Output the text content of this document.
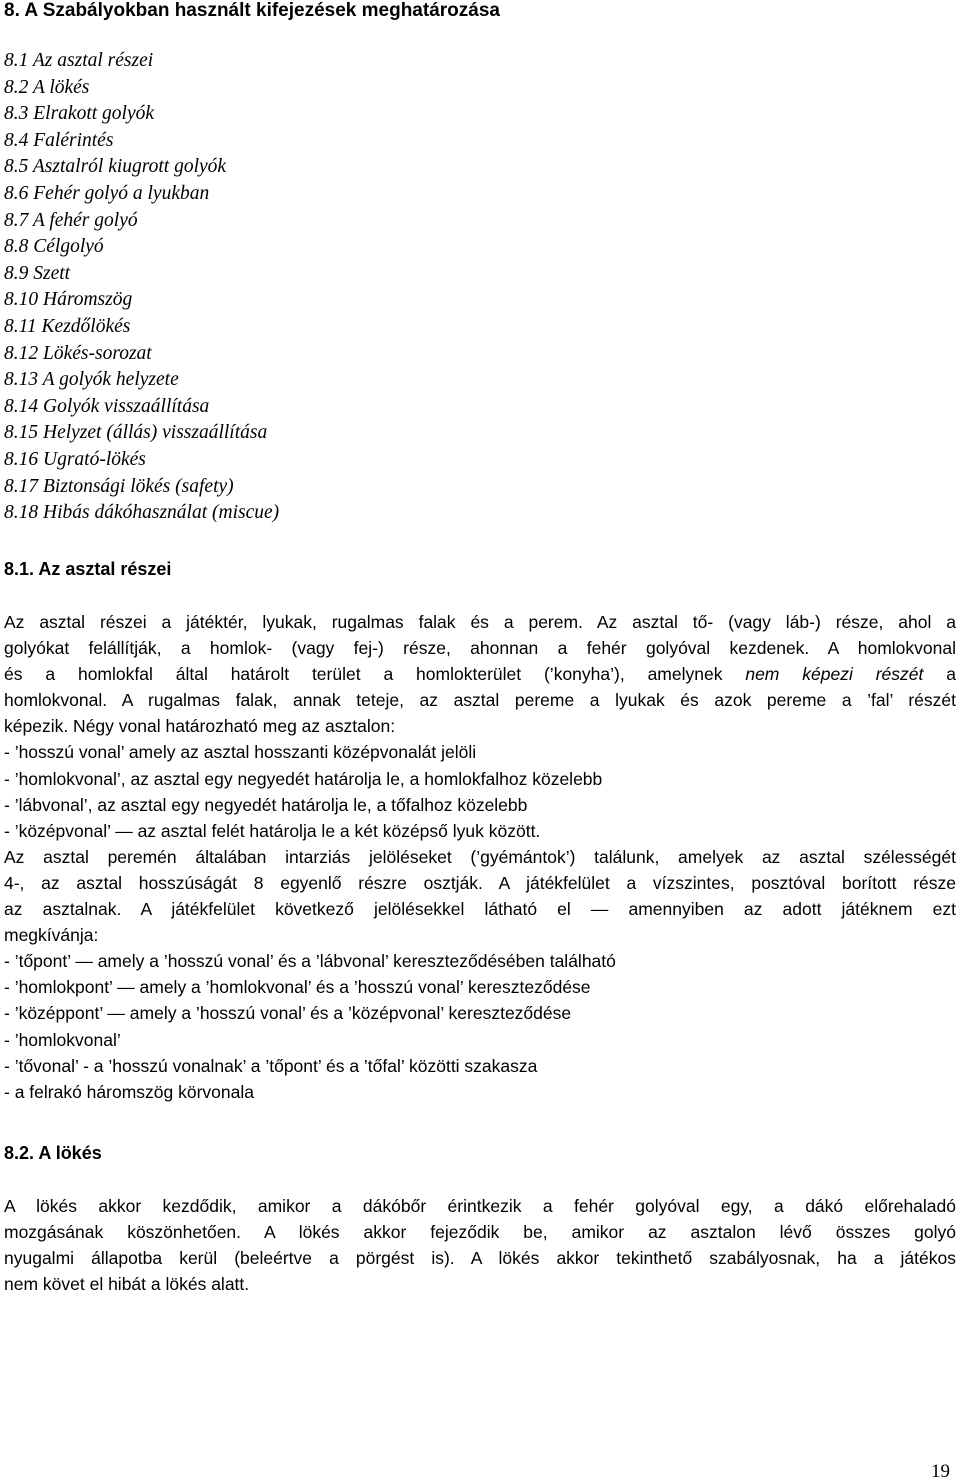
8. A Szabályokban használt kifejezések meghatározása
8.1 Az asztal részei
8.2 A lökés
8.3 Elrakott golyók
8.4 Falérintés
8.5 Asztalról kiugrott golyók
8.6 Fehér golyó a lyukban
8.7 A fehér golyó
8.8 Célgolyó
8.9 Szett
8.10 Háromszög
8.11 Kezdőlökés
8.12 Lökés-sorozat
8.13 A golyók helyzete
8.14 Golyók visszaállítása
8.15 Helyzet (állás) visszaállítása
8.16 Ugrató-lökés
8.17 Biztonsági lökés (safety)
8.18 Hibás dákóhasználat (miscue)
8.1. Az asztal részei
Az asztal részei a játéktér, lyukak, rugalmas falak és a perem. Az asztal tő- (vagy láb-) része, ahol a
golyókat felállítják, a homlok- (vagy fej-) része, ahonnan a fehér golyóval kezdenek. A homlokvonal
és a homlokfal által határolt terület a homlokterület (’konyha’), amelynek nem képezi részét a
homlokvonal. A rugalmas falak, annak teteje, az asztal pereme a lyukak és azok pereme a ’fal’ részét
képezik. Négy vonal határozható meg az asztalon:
- ’hosszú vonal’ amely az asztal hosszanti középvonalát jelöli
- ’homlokvonal’, az asztal egy negyedét határolja le, a homlokfalhoz közelebb
- ’lábvonal’, az asztal egy negyedét határolja le, a tőfalhoz közelebb
- ’középvonal’ — az asztal felét határolja le a két középső lyuk között.
Az asztal peremén általában intarziás jelöléseket (’gyémántok’) találunk, amelyek az asztal szélességét
4-, az asztal hosszúságát 8 egyenlő részre osztják. A játékfelület a vízszintes, posztóval borított része
az asztalnak. A játékfelület következő jelölésekkel látható el — amennyiben az adott játéknem ezt
megkívánja:
- ’tőpont’ — amely a ’hosszú vonal’ és a ’lábvonal’ kereszteződésében található
- ’homlokpont’ — amely a ’homlokvonal’ és a ’hosszú vonal’ kereszteződése
- ’középpont’ — amely a ’hosszú vonal’ és a ’középvonal’ kereszteződése
- ’homlokvonal’
- ’tővonal’ - a ’hosszú vonalnak’ a ’tőpont’ és a ’tőfal’ közötti szakasza
- a felrakó háromszög körvonala
8.2. A lökés
A lökés akkor kezdődik, amikor a dákóbőr érintkezik a fehér golyóval egy, a dákó előrehaladó
mozgásának köszönhetően. A lökés akkor fejeződik be, amikor az asztalon lévő összes golyó
nyugalmi állapotba kerül (beleértve a pörgést is). A lökés akkor tekinthető szabályosnak, ha a játékos
nem követ el hibát a lökés alatt.
19
